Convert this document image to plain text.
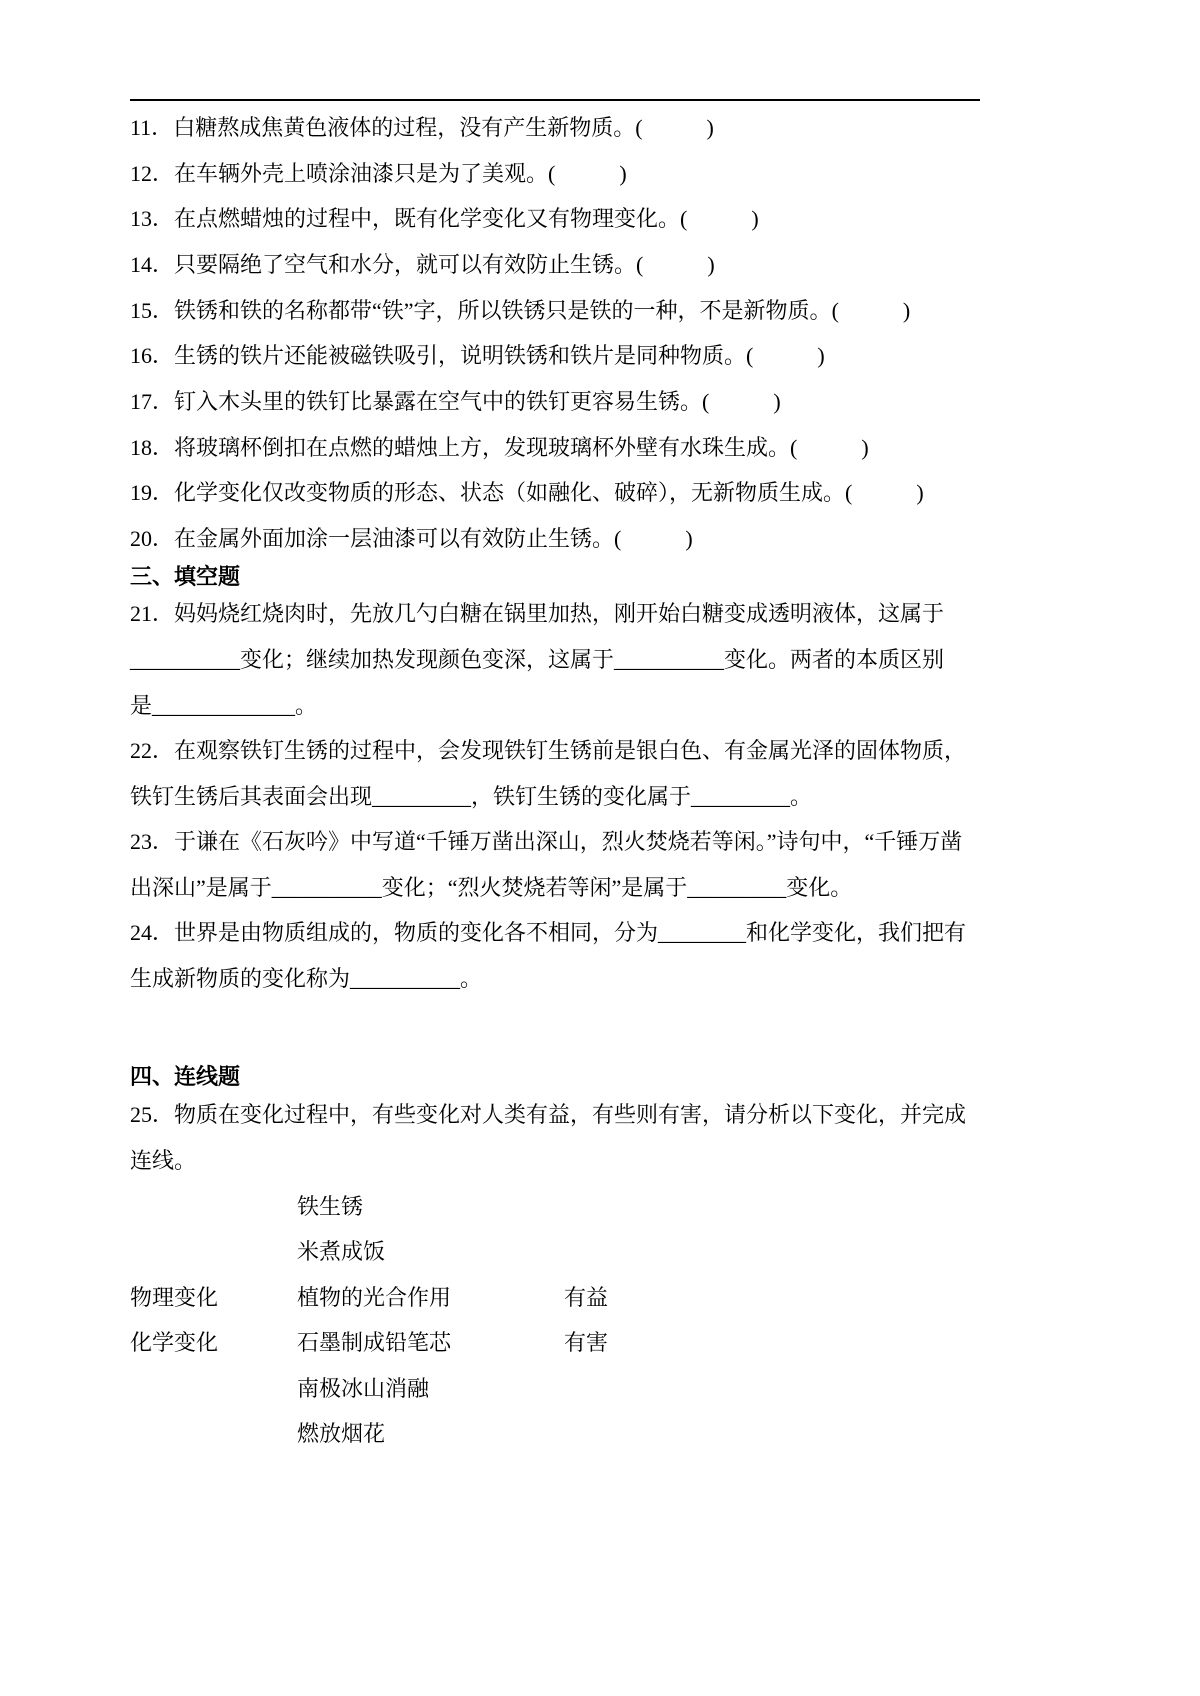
11．白糖熬成焦黄色液体的过程，没有产生新物质。(	)
12．在车辆外壳上喷涂油漆只是为了美观。(	)
13．在点燃蜡烛的过程中，既有化学变化又有物理变化。(	)
14．只要隔绝了空气和水分，就可以有效防止生锈。(	)
15．铁锈和铁的名称都带“铁”字，所以铁锈只是铁的一种，不是新物质。(	)
16．生锈的铁片还能被磁铁吸引，说明铁锈和铁片是同种物质。(	)
17．钉入木头里的铁钉比暴露在空气中的铁钉更容易生锈。(	)
18．将玻璃杯倒扣在点燃的蜡烛上方，发现玻璃杯外壁有水珠生成。(	)
19．化学变化仅改变物质的形态、状态（如融化、破碎），无新物质生成。(	)
20．在金属外面加涂一层油漆可以有效防止生锈。(	)
三、填空题
21．妈妈烧红烧肉时，先放几勺白糖在锅里加热，刚开始白糖变成透明液体，这属于
__________变化；继续加热发现颜色变深，这属于__________变化。两者的本质区别
是_____________。
22．在观察铁钉生锈的过程中，会发现铁钉生锈前是银白色、有金属光泽的固体物质，
铁钉生锈后其表面会出现_________，铁钉生锈的变化属于_________。
23．于谦在《石灰吟》中写道“千锤万凿出深山，烈火焚烧若等闲。”诗句中，“千锤万凿
出深山”是属于__________变化；“烈火焚烧若等闲”是属于_________变化。
24．世界是由物质组成的，物质的变化各不相同，分为________和化学变化，我们把有
生成新物质的变化称为__________。
四、连线题
25．物质在变化过程中，有些变化对人类有益，有些则有害，请分析以下变化，并完成
连线。
铁生锈
米煮成饭
物理变化	植物的光合作用	有益
化学变化	石墨制成铅笔芯	有害
南极冰山消融
燃放烟花
